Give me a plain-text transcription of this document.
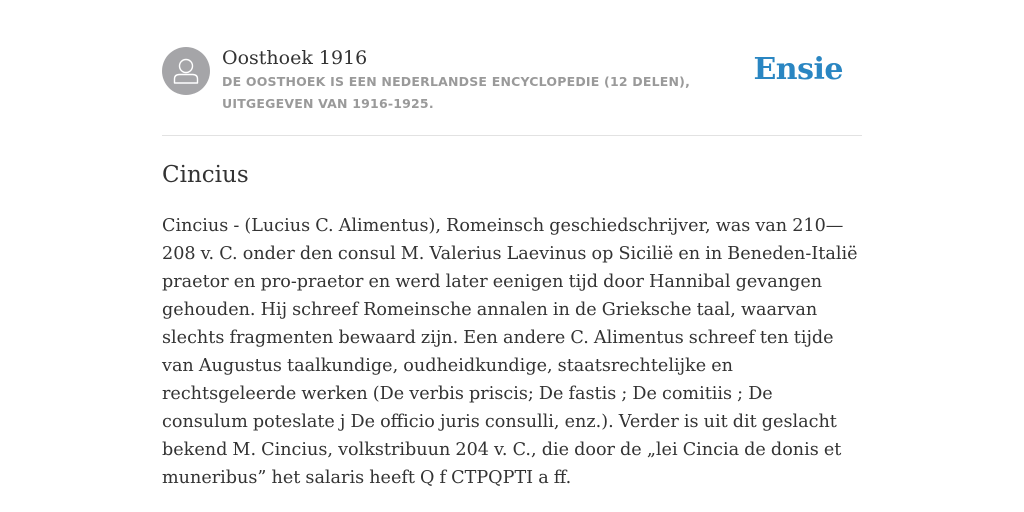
Oosthoek 1916
DE OOSTHOEK IS EEN NEDERLANDSE ENCYCLOPEDIE (12 DELEN), UITGEGEVEN VAN 1916-1925.
Ensie
Cincius

Cincius - (Lucius C. Alimentus), Romeinsch geschiedschrijver, was van 210—208 v. C. onder den consul M. Valerius Laevinus op Sicilië en in Beneden-Italië praetor en pro-praetor en werd later eenigen tijd door Hannibal gevangen gehouden. Hij schreef Romeinsche annalen in de Grieksche taal, waarvan slechts fragmenten bewaard zijn. Een andere C. Alimentus schreef ten tijde van Augustus taalkundige, oudheidkundige, staatsrechtelijke en rechtsgeleerde werken (De verbis priscis; De fastis ; De comitiis ; De consulum poteslate j De officio juris consulli, enz.). Verder is uit dit geslacht bekend M. Cincius, volkstribuun 204 v. C., die door de „lei Cincia de donis et muneribus” het salaris heeft Q f CTPQPTI a ff.
